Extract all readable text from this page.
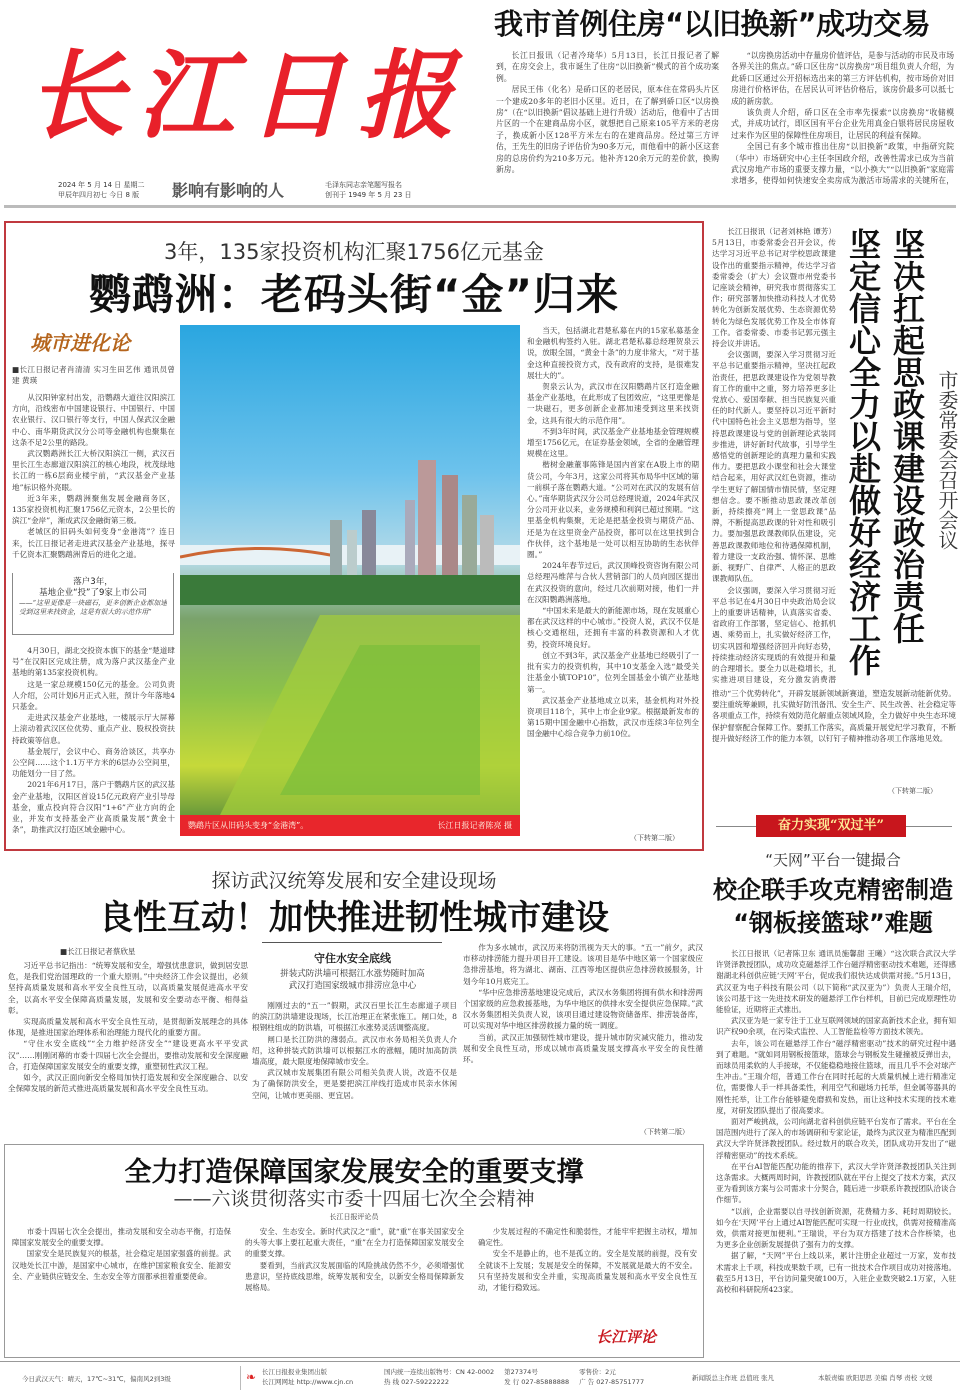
长江日报
2024 年 5 月 14 日 星期二
甲辰年四月初七 今日 8 版	影响有影响的人	毛泽东同志亲笔题写报名
创刊于 1949 年 5 月 23 日
我市首例住房“以旧换新”成功交易

长江日报讯（记者冷琦华）5月13日，长江日报记者了解到，在房交会上，我市诞生了住房“以旧换新”模式的首个成功案例。

居民王伟（化名）是硚口区的老居民，原本住在常码头片区一个建成20多年的老旧小区里。近日，在了解到硚口区“以房换房”（在“以旧换新”倡议基础上进行升级）活动后，他看中了古田片区的一个在建商品房小区，就想把自己原来105平方米的老房子，换成新小区128平方米左右的在建商品房。经过第三方评估，王先生的旧房子评估价为90多万元，而他看中的新小区这套房的总房价约为210多万元。他补齐120余万元的差价款，换购新房。

“以房换房活动中存量房价值评估，是参与活动的市民及市场各界关注的焦点。”硚口区住房“以房换房”项目组负责人介绍，为此硚口区通过公开招标选出来的第三方评估机构，按市场价对旧房进行价格评估，在居民认可评估价格后，该房价最多可以抵七成的新房款。

该负责人介绍，硚口区在全市率先探索“以房换房”收储模式，并成功试行，即区国有平台企业先用真金白银将居民房屋收过来作为区里的保障性住房项目，让居民的利益有保障。

全国已有多个城市推出住房“以旧换新”政策，中指研究院（华中）市场研究中心主任李国政介绍，改善性需求已成为当前武汉房地产市场的重要支撑力量，“以小换大”“以旧换新”家庭需求增多，使得如何快速安全卖房成为激活市场需求的关键所在，

3年，135家投资机构汇聚1756亿元基金
鹦鹉洲：老码头街“金”归来
城市进化论
■长江日报记者肖清清 实习生田艺伟 通讯员曾建 黄瑛

从汉阳钟家村出发，沿鹦鹉大道往汉阳滨江方向，沿线密布中国建设银行、中国银行、中国农业银行、汉口银行等支行，中国人保武汉金融中心、南华期货武汉分公司等金融机构也聚集在这条不足2公里的路段。

武汉鹦鹉洲长江大桥汉阳滨江一侧，武汉百里长江生态廊道汉阳滨江的核心地段，枕茂绿地长江的一栋6层商业楼宇前，“武汉基金产业基地”标识格外亮眼。

近3年来，鹦鹉洲聚焦发展金融商务区，135家投资机构汇聚1756亿元资本，2公里长的滨江“金岸”，渐成武汉金融街第三极。

老城区的旧码头如何变身“金港湾”？连日来，长江日报记者走进武汉基金产业基地，探寻千亿资本汇聚鹦鹉洲背后的进化之道。

落户3年，
基地企业“投”了9家上市公司
——“这里更像是一块磁石，更多创新企业都加速受到这里来找资金，这是有很大的示范作用”

4月30日，湖北交投资本旗下的基金“楚道肆号”在汉阳区完成注册，成为落户武汉基金产业基地的第135家投资机构。

这是一家总规模150亿元的基金。公司负责人介绍，公司计划6月正式入驻，预计今年落地4只基金。

走进武汉基金产业基地，一楼展示厅大屏幕上滚动着武汉区位优势、重点产业、股权投资扶持政策等信息。

基金展厅，会议中心、商务洽谈区，共享办公空间……这个1.1万平方米的6层办公空间里，功能划分一目了然。

2021年6月17日，落户于鹦鹉片区的武汉基金产业基地，汉阳区首设15亿元政府产业引导母基金，重点投向符合汉阳“1+6”产业方向的企业，并发布支持基金产业高质量发展“黄金十条”，助推武汉打造区域金融中心。	鹦鹉片区从旧码头变身“金港湾”。	长江日报记者陈亮 摄

当天，包括湖北君楚私募在内的15家私募基金和金融机构签约入驻。湖北君楚私募总经理贺泉云说，放眼全国，“黄金十条”的力度非常大，“对于基金这种直接投资方式，没有政府的支持，是很难发展壮大的”。

贺泉云认为，武汉市在汉阳鹦鹉片区打造金融基金产业基地，在此形成了包团效应，“这里更像是一块磁石，更多创新企业都加速受到这里来找资金，这具有很大的示范作用”。

不到3年时间，武汉基金产业基地基金管理规模增至1756亿元，在证券基金领域，全省的金融管理规模在这里。

楷树金融董事陈锋是国内首家在A股上市的期货公司，今年3月，这家公司将其布局华中区域的第一前棋子落在鹦鹉大道。“公司对在武汉的发展有信心。”南华期货武汉分公司总经理说道，2024年武汉分公司开业以来，业务规模和利润已超过预期。“这里基金机构集聚，无论是把基金投资与期货产品、还是为在这里资金产品投资，都可以在这里找到合作伙伴，这个基地是一处可以相互协助的生态伙伴圈。”

2024年春节过后，武汉顶峰投资咨询有限公司总经理冯维萍与合伙人营销部门的人员向园区提出在武汉投资的意向，经过几次前期对接，他们一并在汉阳鹦鹉洲落地。

“中国未来是最大的新能源市场，现在发展重心都在武汉这样的中心城市。”投资人说，武汉不仅是核心交通枢纽，还拥有丰富的科教资源和人才优势，投资环境良好。

创立不到3年，武汉基金产业基地已经吸引了一批有实力的投资机构，其中10支基金入选“最受关注基金小镇TOP10”，位列全国基金小镇产业基地第一。

武汉基金产业基地成立以来，基金机构对外投资项目118个，其中上市企业9家。根据最新发布的第15期中国金融中心指数，武汉市连续3年位列全国金融中心综合竞争力前10位。

（下转第二版）
市委常委会召开会议
坚决扛起思政课建设政治责任
坚定信心全力以赴做好经济工作

长江日报讯（记者刘林艳 谭芳）5月13日，市委常委会召开会议，传达学习习近平总书记对学校思政课建设作出的重要指示精神，传达学习省委常委会（扩大）会议暨市州党委书记座谈会精神，研究我市贯彻落实工作；研究部署加快推动科技人才优势转化为创新发展优势、生态资源优势转化为绿色发展优势工作及全市体育工作。省委常委、市委书记郭元强主持会议并讲话。

会议强调，要深入学习贯彻习近平总书记重要指示精神，坚决扛起政治责任，把思政课建设作为党领导教育工作的重中之重，努力培养更多让党放心、爱国奉献、担当民族复兴重任的时代新人。要坚持以习近平新时代中国特色社会主义思想为指导，坚持思政课建设与党的创新理论武装同步推进，讲好新时代故事，引导学生感悟党的创新理论的真理力量和实践伟力。要把思政小课堂和社会大课堂结合起来，用好武汉红色资源，推动学生更好了解国情市情民情，坚定理想信念。要不断推动思政课改革创新，持续擦亮“网上一堂思政课”品牌，不断提高思政课的针对性和吸引力。要加强思政课教师队伍建设，完善思政课教师地位和待遇保障机制，着力建设一支政治强、情怀深、思维新、视野广、自律严、人格正的思政课教师队伍。

会议强调，要深入学习贯彻习近平总书记在4月30日中央政治局会议上的重要讲话精神，认真落实省委、省政府工作部署，坚定信心、抢抓机遇、乘势而上，扎实做好经济工作，切实巩固和增强经济回升向好态势，持续推动经济实现质的有效提升和量的合理增长。要全力以赴稳增长，扎实推进项目建设，充分激发消费潜

推动“三个优势转化”，开辟发展新领域新赛道，塑造发展新动能新优势。要注重统筹兼顾，扎实做好防汛备汛、安全生产、民生改善、社会稳定等各项重点工作，持续有效防范化解重点领域风险，全力做好中央生态环境保护督察配合保障工作。要抓工作落实，高质量开展党纪学习教育，不断提升做好经济工作的能力本领，以钉钉子精神推动各项工作落地见效。

（下转第二版）
奋力实现“双过半”
“天网”平台一键撮合
校企联手攻克精密制造
“钢板接篮球”难题

长江日报讯（记者陈卫东 通讯员施馨甜 王曦）“这次联合武汉大学许贤泽教授团队，成功攻克磁悬浮工作台磁浮精密驱动技术难题，还得感谢湖北科创供应链‘天网’平台，促成我们很快达成供需对接。”5月13日，武汉亚为电子科技有限公司（以下简称“武汉亚为”）负责人王瑞介绍，该公司基于这一先进技术研发的磁悬浮工作台样机，目前已完成原理性功能验证，近期将正式推出。

武汉亚为是一家专注于工业互联网领域的国家高新技术企业，拥有知识产权90余项，在污染式监控、人工智能监检等方面技术领先。

去年，该公司在磁悬浮工作台“磁浮精密驱动”技术的研究过程中遇到了难题。“就如同用钢板接篮球，篮球会与钢板发生碰撞被反弹出去，而球员用柔软的人手接球，不仅能稳稳地接住篮球，而且几乎不会对球产生冲击。”王瑞介绍，普通工作台在同时托起的大质量机械上进行精准定位，需要像人手一样具备柔性，利用空气和磁场力托举，但金属等器具的刚性托举，让工作台能够避免磨损和发热，而让这种技术实现的技术难度，对研发团队提出了很高要求。

面对严峻挑战，公司向湖北省科创供应链平台发布了需求。平台在全国范围内进行了深入的市场调研和专家论证，最终为武汉亚为精准匹配到武汉大学许贤泽教授团队。经过数月的联合攻关，团队成功开发出了“磁浮精密驱动”的技术系统。

在平台AI智能匹配功能的推荐下，武汉大学许贤泽教授团队关注到这条需求。大概两周时间，许教授团队就在平台上提交了技术方案，武汉亚为看到该方案与公司需求十分契合，随后进一步联系许教授团队洽谈合作细节。

“以前，企业需要以自寻找创新资源，花费精力多、耗时周期较长。如今在‘天网’平台上通过AI智能匹配可实现一行业成找，供需对接精准高效，供需对接更加便利。”王瑞说，平台为双方搭建了技术合作桥梁，也为更多企业创新发展提供了强有力的支撑。

据了解，“天网”平台上线以来，累计注册企业超过一万家，发布技术需求上千项，科技成果数千项，已有一批技术合作项目成功对接落地。截至5月13日，平台访问量突破100万，入驻企业数突破2.1万家，入驻高校和科研院所423家。

探访武汉统筹发展和安全建设现场
良性互动！加快推进韧性城市建设
■长江日报记者蔡欣星

习近平总书记指出：“统筹发展和安全，增强忧患意识，做到居安思危，是我们党治国理政的一个重大原则。”中央经济工作会议提出，必须坚持高质量发展和高水平安全良性互动，以高质量发展促进高水平安全，以高水平安全保障高质量发展，发展和安全要动态平衡、相得益彰。

实现高质量发展和高水平安全良性互动，是贯彻新发展理念的具体体现，是推进国家治理体系和治理能力现代化的重要方面。

“守住水安全底线”“全力维护经济安全”“建设更高水平平安武汉”……刚刚闭幕的市委十四届七次全会提出，要推动发展和安全深度融合，打造保障国家发展安全的重要支撑，重塑韧性武汉工程。

如今，武汉正面向新安全格局加快打造发展和安全深度融合、以安全保障发展的新范式推进高质量发展和高水平安全良性互动。

守住水安全底线
拼装式防洪墙可根据江水涨势随时加高
武汉打造国家级城市排涝应急中心

刚刚过去的“五一”假期，武汉百里长江生态廊道子项目的滨江防洪墙建设现场，长江治理正在紧张施工。闸口处，8根钢柱组成的防洪墙，可根据江水涨势灵活调整高度。

闸口是长江防洪的薄弱点。武汉市水务局相关负责人介绍，这种拼装式防洪墙可以根据江水的涨幅，随时加高防洪墙高度，最大限度地保障城市安全。

武汉城市发展集团有限公司相关负责人说，改造不仅是为了确保防洪安全，更是要把滨江岸线打造成市民亲水休闲空间，让城市更美丽、更宜居。

作为多水城市，武汉历来将防汛视为天大的事。“五一”前夕，武汉市移动排涝能力提升项目开工建设。该项目是华中地区第一个国家级应急排涝基地，将为湖北、湖南、江西等地区提供应急排涝救援服务，计划今年10月底完工。

“华中应急排涝基地建设完成后，武汉水务集团将拥有供水和排涝两个国家级的应急救援基地，为华中地区的供排水安全提供应急保障。”武汉水务集团相关负责人说，该项目通过建设物资储备库、排涝装备库，可以实现对华中地区排涝救援力量的统一调度。

当前，武汉正加强韧性城市建设，提升城市防灾减灾能力，推动发展和安全良性互动，形成以城市高质量发展支撑高水平安全的良性循环。

（下转第二版）
全力打造保障国家发展安全的重要支撑
——六谈贯彻落实市委十四届七次全会精神
长江日报评论员

市委十四届七次全会提出，推动发展和安全动态平衡，打造保障国家发展安全的重要支撑。

国家安全是民族复兴的根基，社会稳定是国家强盛的前提。武汉地处长江中游，是国家中心城市，在维护国家粮食安全、能源安全、产业链供应链安全、生态安全等方面都承担着重要使命。

安全、生态安全。新时代武汉之“重”，就“重”在事关国家安全的头等大事上要扛起重大责任，“重”在全力打造保障国家发展安全的重要支撑。

要看到，当前武汉发展面临的风险挑战仍然不少，必须增强忧患意识，坚持底线思维，统筹发展和安全，以新安全格局保障新发展格局。

少发展过程的不确定性和脆弱性，才能牢牢把握主动权，增加确定性。

安全不是静止的，也不是孤立的。安全是发展的前提，没有安全就谈不上发展；发展是安全的保障，不发展就是最大的不安全。只有坚持发展和安全并重，实现高质量发展和高水平安全良性互动，才能行稳致远。

长江评论
今日武汉天气：晴天，17℃~31℃，偏南风2到3级	❧ 长江日报报业集团出版
长江网网址 http://www.cjn.cn
国内统一连续出版物号：CN 42-0002 第27374号	零售价：2元
热 线 027-59222222	发 行 027-85888888 广 告 027-85751777	新闻版总主作班 总值班 张凡	本版责编 欧阳思思 美编 肖琴 责校 文媛
